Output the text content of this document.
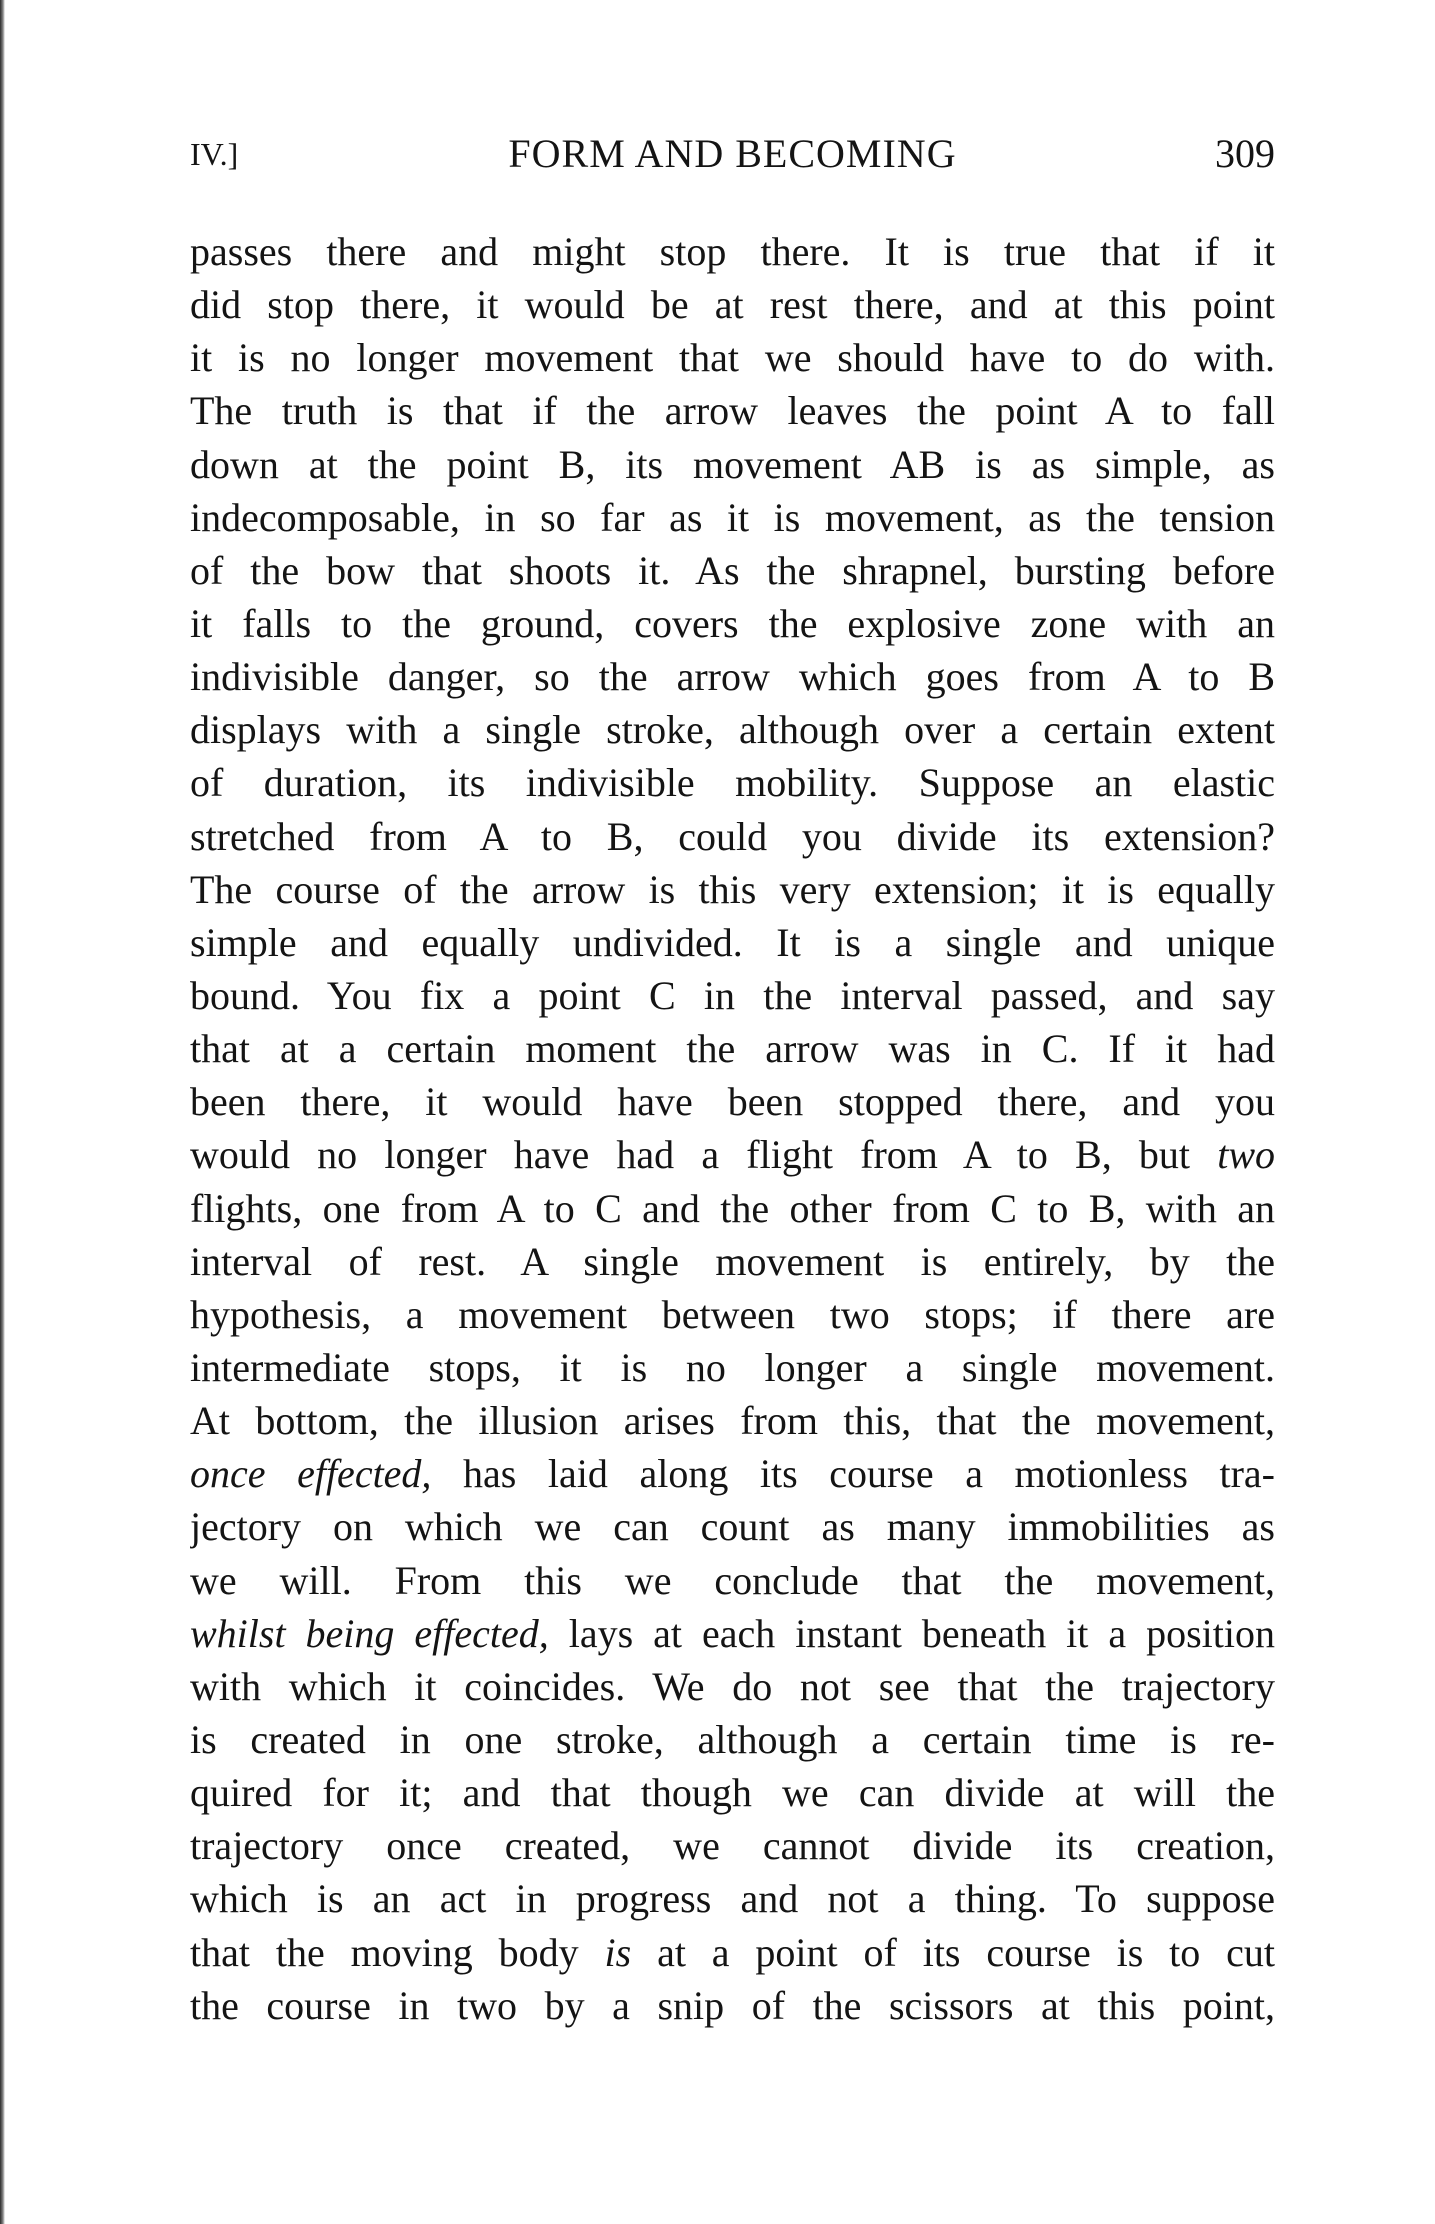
IV.]	FORM AND BECOMING	309
passes there and might stop there. It is true that if it
did stop there, it would be at rest there, and at this point
it is no longer movement that we should have to do with.
The truth is that if the arrow leaves the point A to fall
down at the point B, its movement AB is as simple, as
indecomposable, in so far as it is movement, as the tension
of the bow that shoots it. As the shrapnel, bursting before
it falls to the ground, covers the explosive zone with an
indivisible danger, so the arrow which goes from A to B
displays with a single stroke, although over a certain extent
of duration, its indivisible mobility. Suppose an elastic
stretched from A to B, could you divide its extension?
The course of the arrow is this very extension; it is equally
simple and equally undivided. It is a single and unique
bound. You fix a point C in the interval passed, and say
that at a certain moment the arrow was in C. If it had
been there, it would have been stopped there, and you
would no longer have had a flight from A to B, but two
flights, one from A to C and the other from C to B, with an
interval of rest. A single movement is entirely, by the
hypothesis, a movement between two stops; if there are
intermediate stops, it is no longer a single movement.
At bottom, the illusion arises from this, that the movement,
once effected, has laid along its course a motionless tra-
jectory on which we can count as many immobilities as
we will. From this we conclude that the movement,
whilst being effected, lays at each instant beneath it a position
with which it coincides. We do not see that the trajectory
is created in one stroke, although a certain time is re-
quired for it; and that though we can divide at will the
trajectory once created, we cannot divide its creation,
which is an act in progress and not a thing. To suppose
that the moving body is at a point of its course is to cut
the course in two by a snip of the scissors at this point,
